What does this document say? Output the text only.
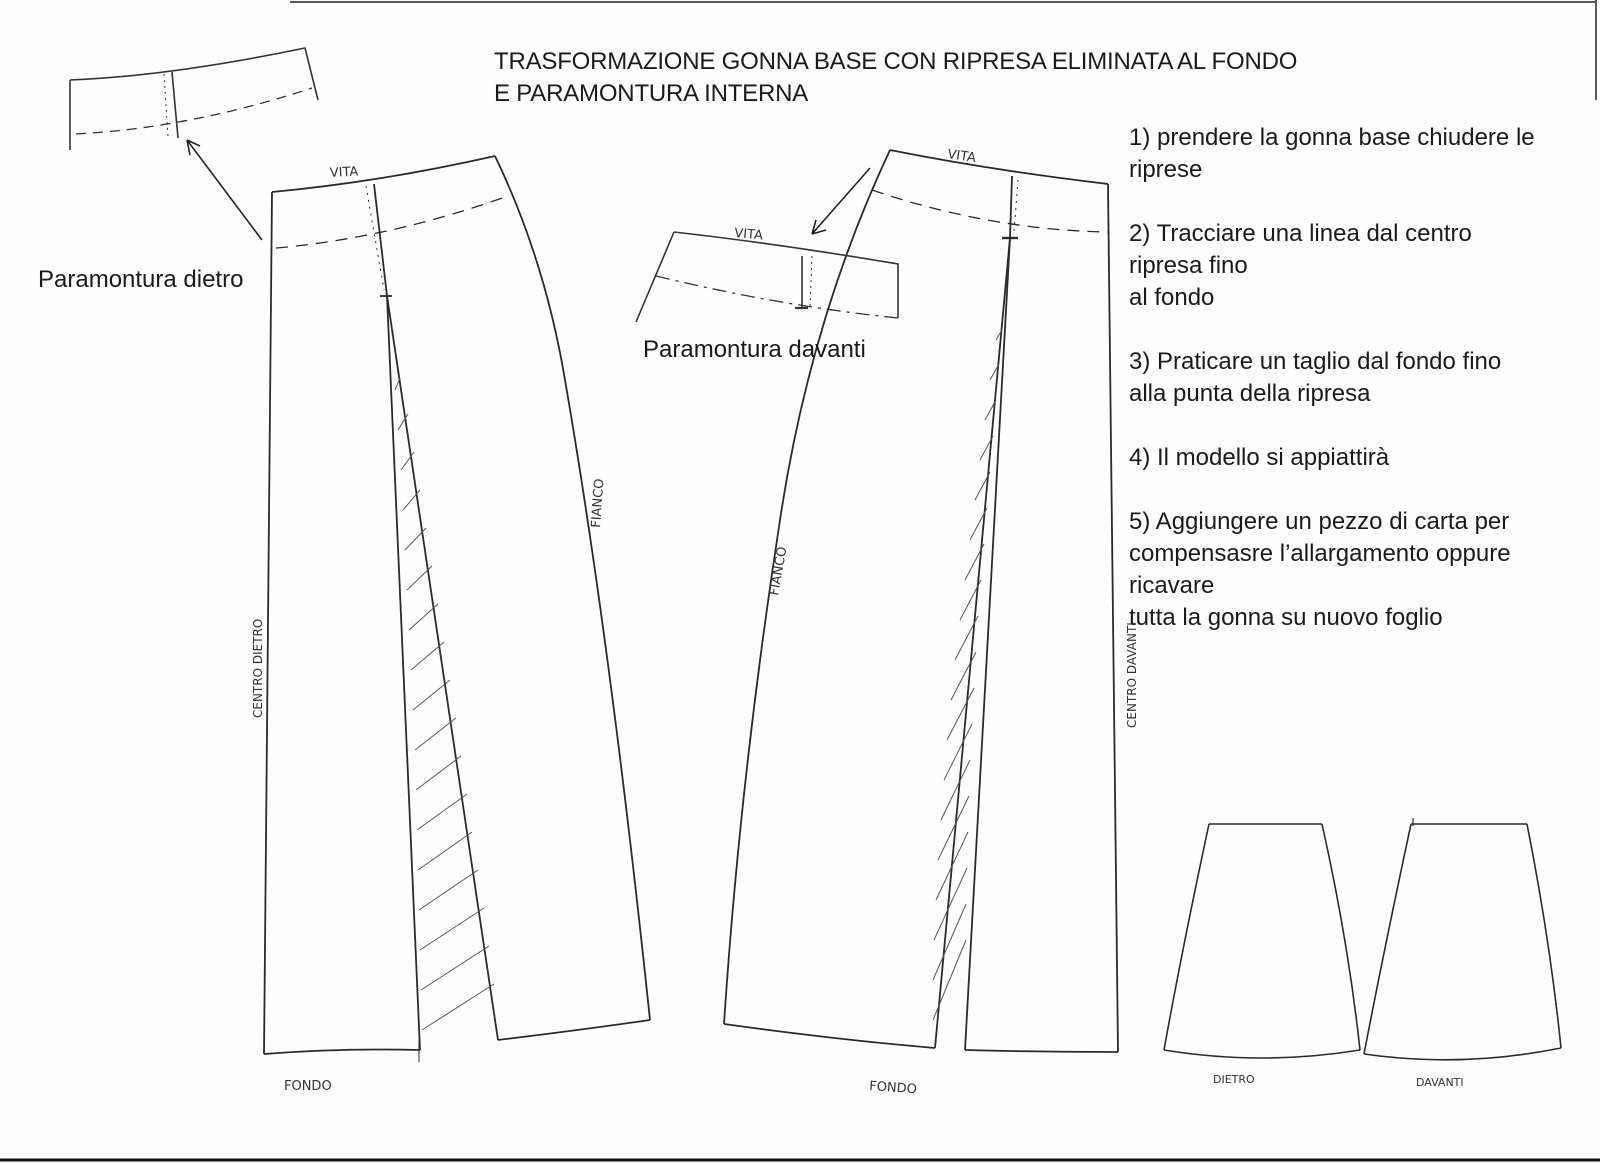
VITA
VITA
VITA
FIANCO
FIANCO
CENTRO DIETRO	CENTRO DAVANTI
FONDO	FONDO	DIETRO	DAVANTI
TRASFORMAZIONE GONNA BASE CON RIPRESA ELIMINATA AL FONDO
E PARAMONTURA INTERNA
Paramontura dietro
Paramontura davanti
1) prendere la gonna base chiudere le
riprese
2) Tracciare una linea dal centro
ripresa fino
al fondo
3) Praticare un taglio dal fondo fino
alla punta della ripresa
4) Il modello si appiattirà
5) Aggiungere un pezzo di carta per
compensasre l’allargamento oppure
ricavare
tutta la gonna su nuovo foglio
